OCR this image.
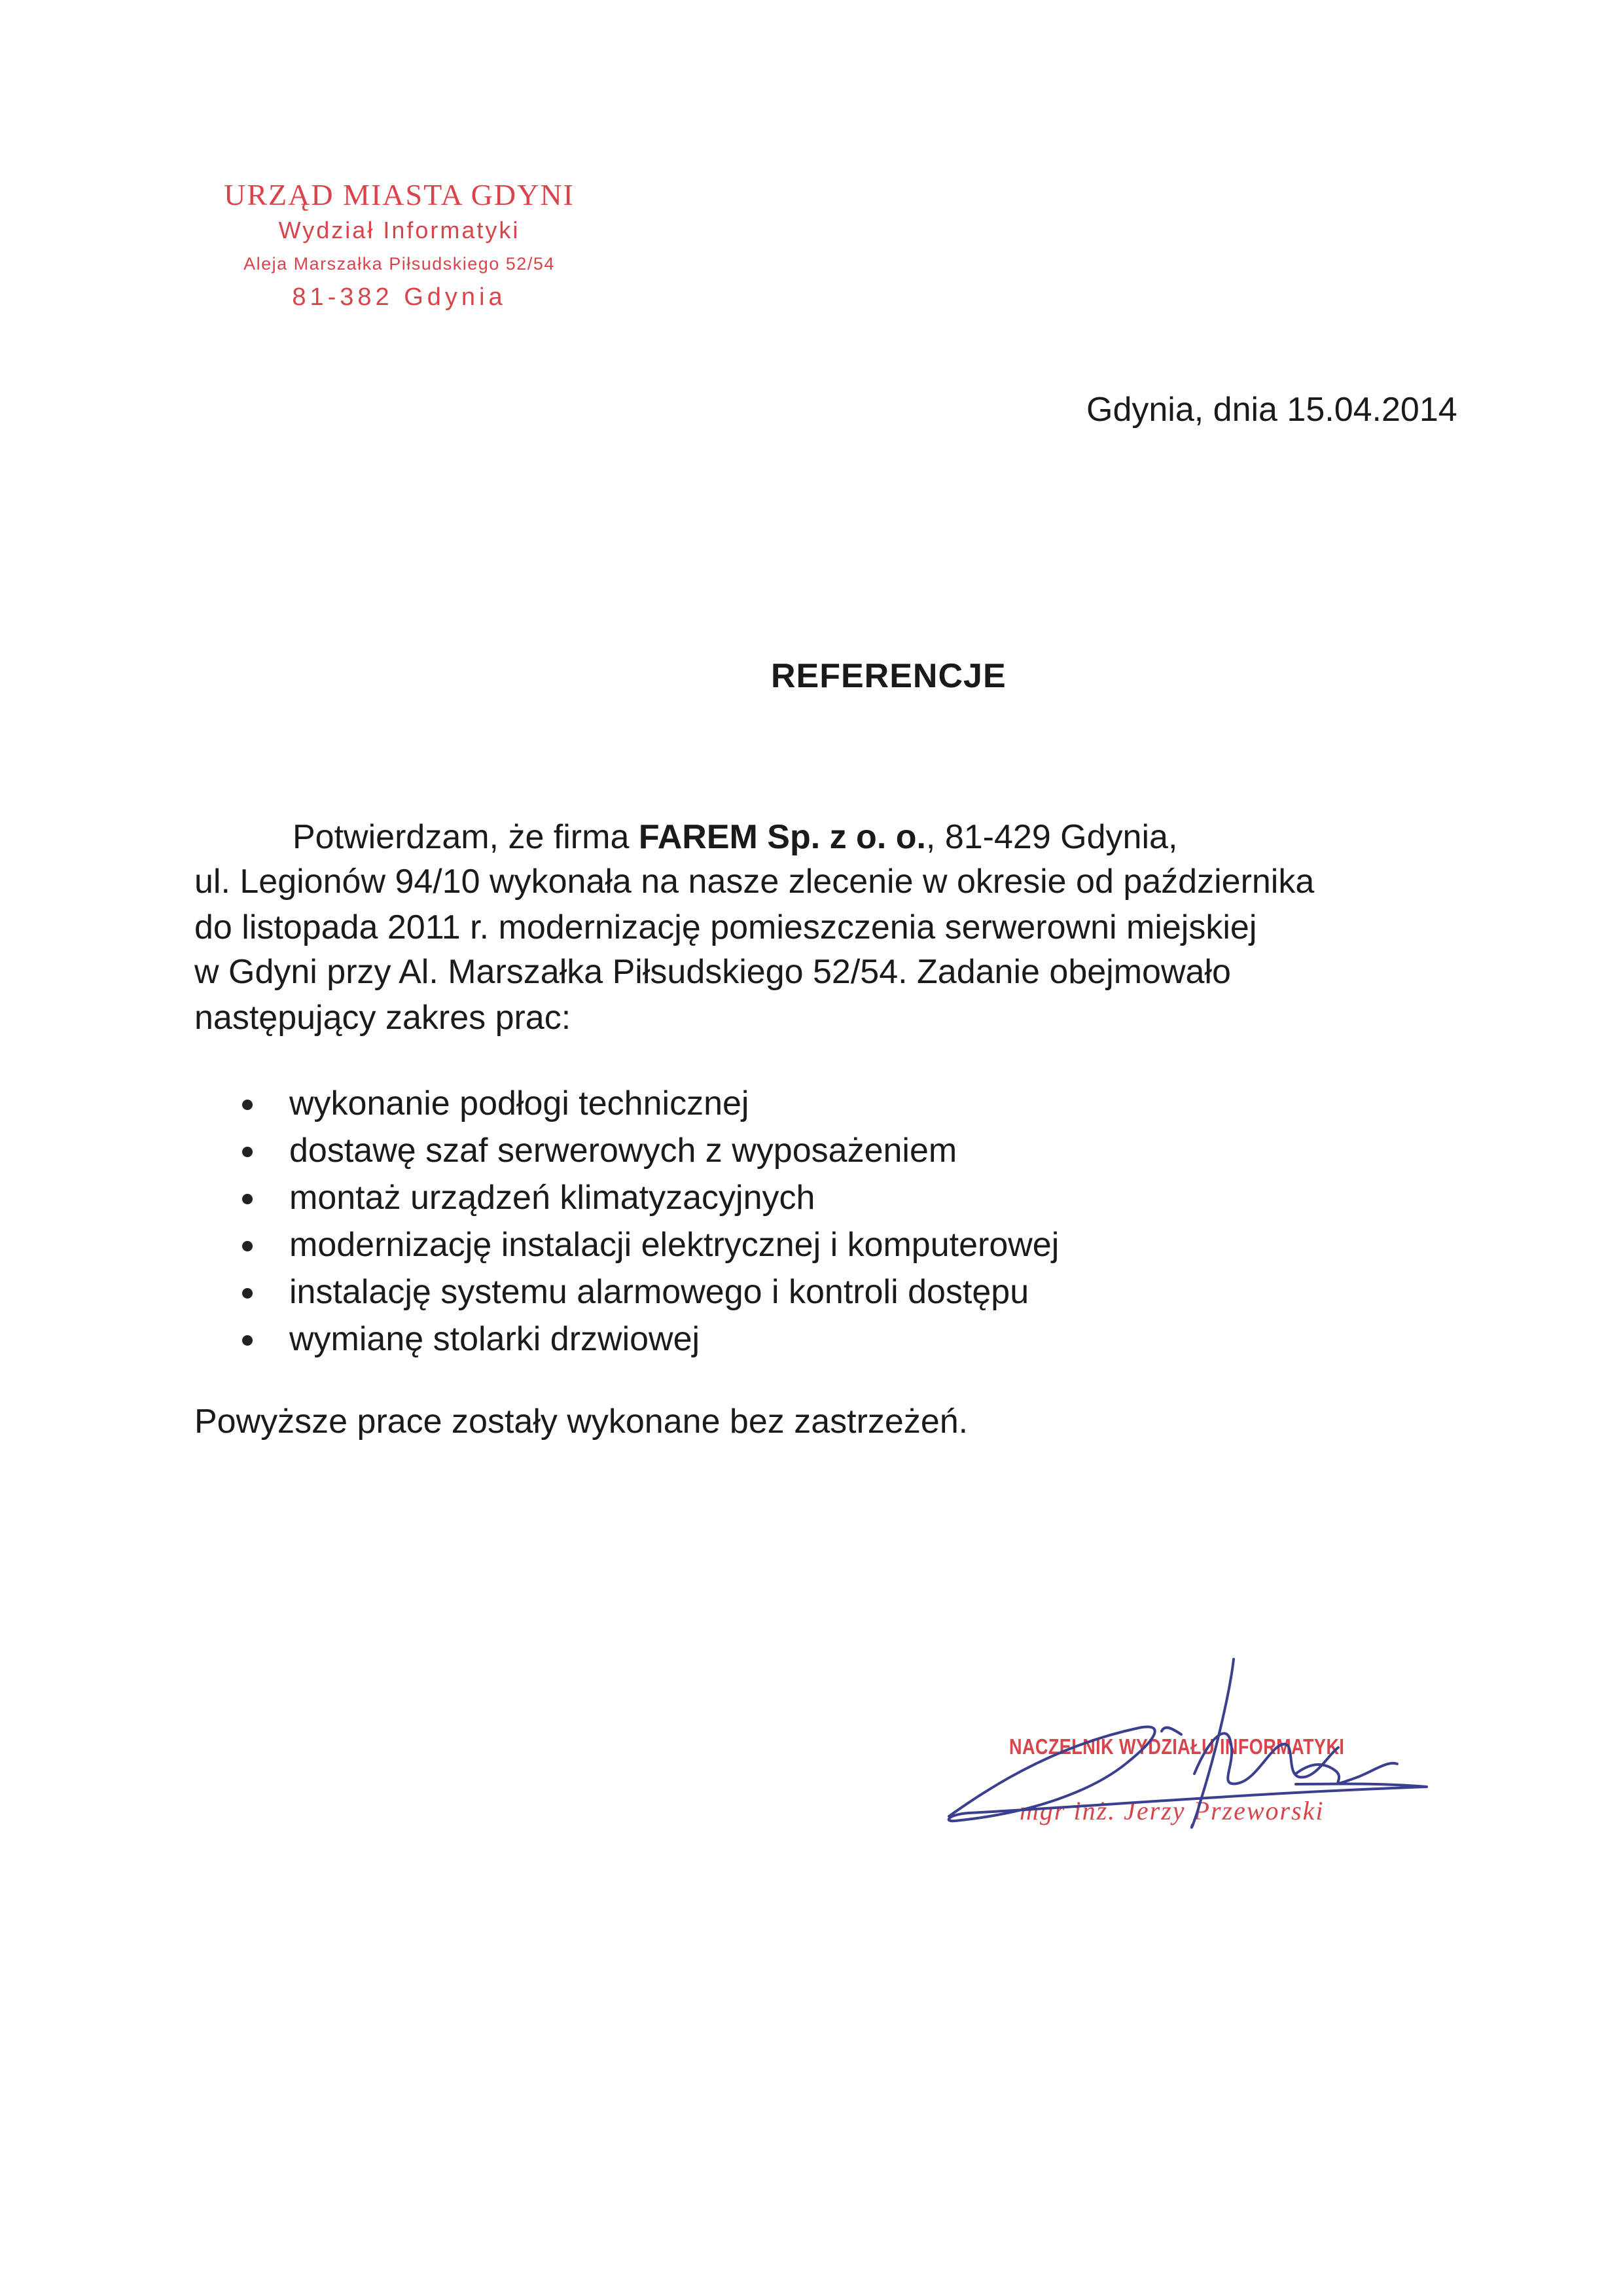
URZĄD MIASTA GDYNI
Wydział Informatyki
Aleja Marszałka Piłsudskiego 52/54
81-382 Gdynia
Gdynia, dnia 15.04.2014
REFERENCJE
Potwierdzam, że firma FAREM Sp. z o. o., 81-429 Gdynia,
ul. Legionów 94/10 wykonała na nasze zlecenie w okresie od października
do listopada 2011 r. modernizację pomieszczenia serwerowni miejskiej
w Gdyni przy Al. Marszałka Piłsudskiego 52/54. Zadanie obejmowało
następujący zakres prac:
wykonanie podłogi technicznej
dostawę szaf serwerowych z wyposażeniem
montaż urządzeń klimatyzacyjnych
modernizację instalacji elektrycznej i komputerowej
instalację systemu alarmowego i kontroli dostępu
wymianę stolarki drzwiowej
Powyższe prace zostały wykonane bez zastrzeżeń.
NACZELNIK WYDZIAŁU INFORMATYKI
mgr inż. Jerzy Przeworski
